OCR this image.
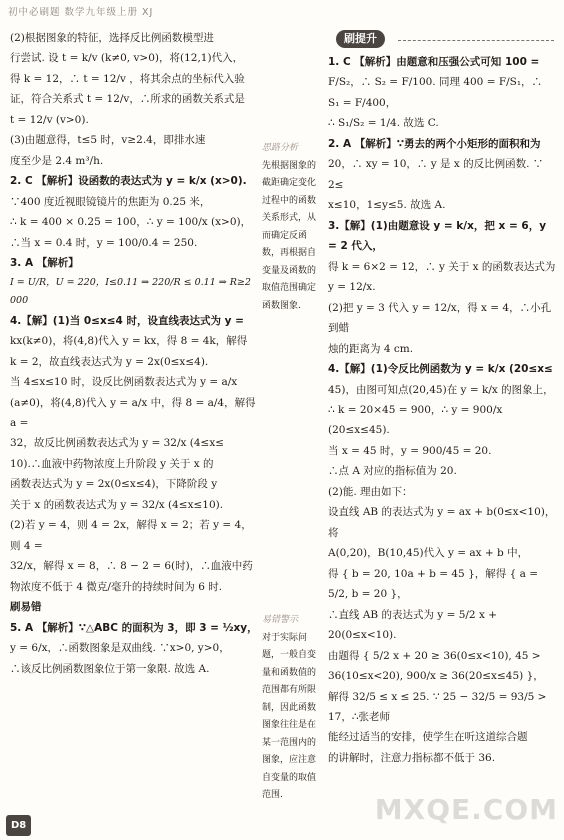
初中必刷题 数学九年级上册 XJ

(2)根据图象的特征，选择反比例函数模型进

行尝试. 设 t = k/v (k≠0, v>0)，将(12,1)代入，

得 k = 12，∴ t = 12/v ，将其余点的坐标代入验

证，符合关系式 t = 12/v，∴所求的函数关系式是

t = 12/v (v>0).

(3)由题意得，t≤5 时，v≥2.4，即排水速

度至少是 2.4 m³/h.

2. C 【解析】设函数的表达式为 y = k/x (x>0).

∵400 度近视眼镜镜片的焦距为 0.25 米，

∴ k = 400 × 0.25 = 100，∴ y = 100/x (x>0)，

∴当 x = 0.4 时，y = 100/0.4 = 250.

3. A 【解析】

I = U/R，U = 220，I≤0.11 ⇒ 220/R ≤ 0.11 ⇒ R≥2 000

4.【解】(1)当 0≤x≤4 时，设直线表达式为 y =

kx(k≠0)，将(4,8)代入 y = kx，得 8 = 4k，解得

k = 2，故直线表达式为 y = 2x(0≤x≤4).

当 4≤x≤10 时，设反比例函数表达式为 y = a/x

(a≠0)，将(4,8)代入 y = a/x 中，得 8 = a/4，解得 a =

32，故反比例函数表达式为 y = 32/x (4≤x≤

10).∴血液中药物浓度上升阶段 y 关于 x 的

函数表达式为 y = 2x(0≤x≤4)，下降阶段 y

关于 x 的函数表达式为 y = 32/x (4≤x≤10).

(2)若 y = 4，则 4 = 2x，解得 x = 2；若 y = 4，则 4 =

32/x，解得 x = 8，∴ 8 − 2 = 6(时)，∴血液中药

物浓度不低于 4 微克/毫升的持续时间为 6 时.

刷易错

5. A 【解析】∵△ABC 的面积为 3，即 3 = ½xy，

y = 6/x，∴函数图象是双曲线. ∵x>0, y>0，

∴该反比例函数图象位于第一象限. 故选 A.

思路分析

先根据图象的截距确定变化过程中的函数关系形式，从而确定反函数，再根据自变量及函数的取值范围确定函数图象.

易错警示

对于实际问题，一般自变量和函数值的范围都有所限制，因此函数图象往往是在某一范围内的图象，应注意自变量的取值范围.

刷提升

1. C 【解析】由题意和压强公式可知 100 =

F/S₂，∴ S₂ = F/100. 同理 400 = F/S₁，∴ S₁ = F/400，

∴ S₁/S₂ = 1/4. 故选 C.

2. A 【解析】∵勇去的两个小矩形的面积和为

20，∴ xy = 10，∴ y 是 x 的反比例函数. ∵ 2≤

x≤10，1≤y≤5. 故选 A.

3.【解】(1)由题意设 y = k/x，把 x = 6，y = 2 代入，

得 k = 6×2 = 12，∴ y 关于 x 的函数表达式为

y = 12/x.

(2)把 y = 3 代入 y = 12/x，得 x = 4，∴小孔到蜡

烛的距离为 4 cm.

4.【解】(1)令反比例函数为 y = k/x (20≤x≤

45)，由图可知点(20,45)在 y = k/x 的图象上，

∴ k = 20×45 = 900，∴ y = 900/x (20≤x≤45).

当 x = 45 时，y = 900/45 = 20.

∴点 A 对应的指标值为 20.

(2)能. 理由如下：

设直线 AB 的表达式为 y = ax + b(0≤x<10)，将

A(0,20)，B(10,45)代入 y = ax + b 中，

得 { b = 20, 10a + b = 45 }，解得 { a = 5/2, b = 20 }，

∴直线 AB 的表达式为 y = 5/2 x + 20(0≤x<10).

由题得 { 5/2 x + 20 ≥ 36(0≤x<10), 45 > 36(10≤x<20), 900/x ≥ 36(20≤x≤45) }，

解得 32/5 ≤ x ≤ 25. ∵ 25 − 32/5 = 93/5 > 17，∴张老师

能经过适当的安排，使学生在听这道综合题

的讲解时，注意力指标都不低于 36.

D8	MXQE.COM
